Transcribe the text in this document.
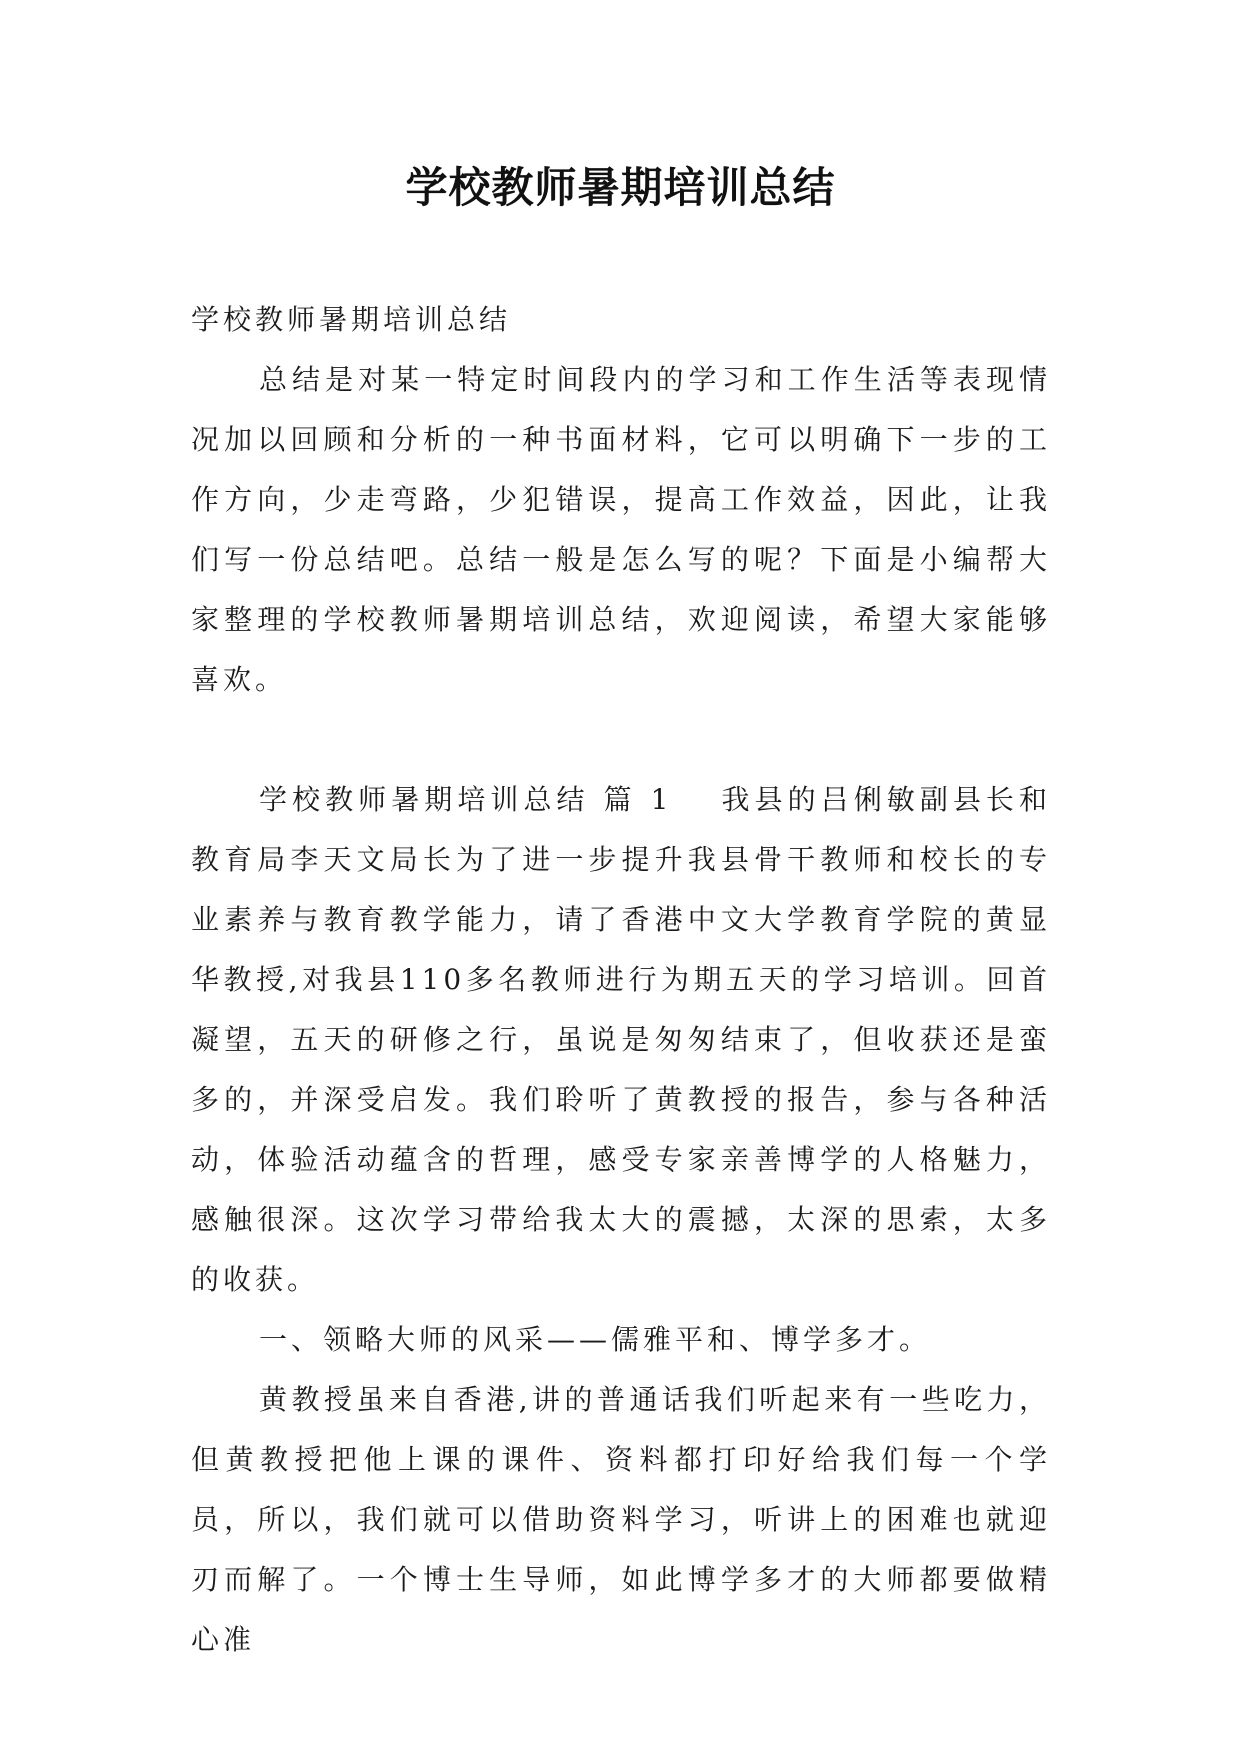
学校教师暑期培训总结

学校教师暑期培训总结

总结是对某一特定时间段内的学习和工作生活等表现情况加以回顾和分析的一种书面材料，它可以明确下一步的工作方向，少走弯路，少犯错误，提高工作效益，因此，让我们写一份总结吧。总结一般是怎么写的呢？下面是小编帮大家整理的学校教师暑期培训总结，欢迎阅读，希望大家能够喜欢。

学校教师暑期培训总结 篇 1 我县的吕俐敏副县长和教育局李天文局长为了进一步提升我县骨干教师和校长的专业素养与教育教学能力，请了香港中文大学教育学院的黄显华教授,对我县110多名教师进行为期五天的学习培训。回首凝望，五天的研修之行，虽说是匆匆结束了，但收获还是蛮多的，并深受启发。我们聆听了黄教授的报告，参与各种活动，体验活动蕴含的哲理，感受专家亲善博学的人格魅力，感触很深。这次学习带给我太大的震撼，太深的思索，太多的收获。

一、领略大师的风采——儒雅平和、博学多才。

黄教授虽来自香港,讲的普通话我们听起来有一些吃力，但黄教授把他上课的课件、资料都打印好给我们每一个学员，所以，我们就可以借助资料学习，听讲上的困难也就迎刃而解了。一个博士生导师，如此博学多才的大师都要做精心准
